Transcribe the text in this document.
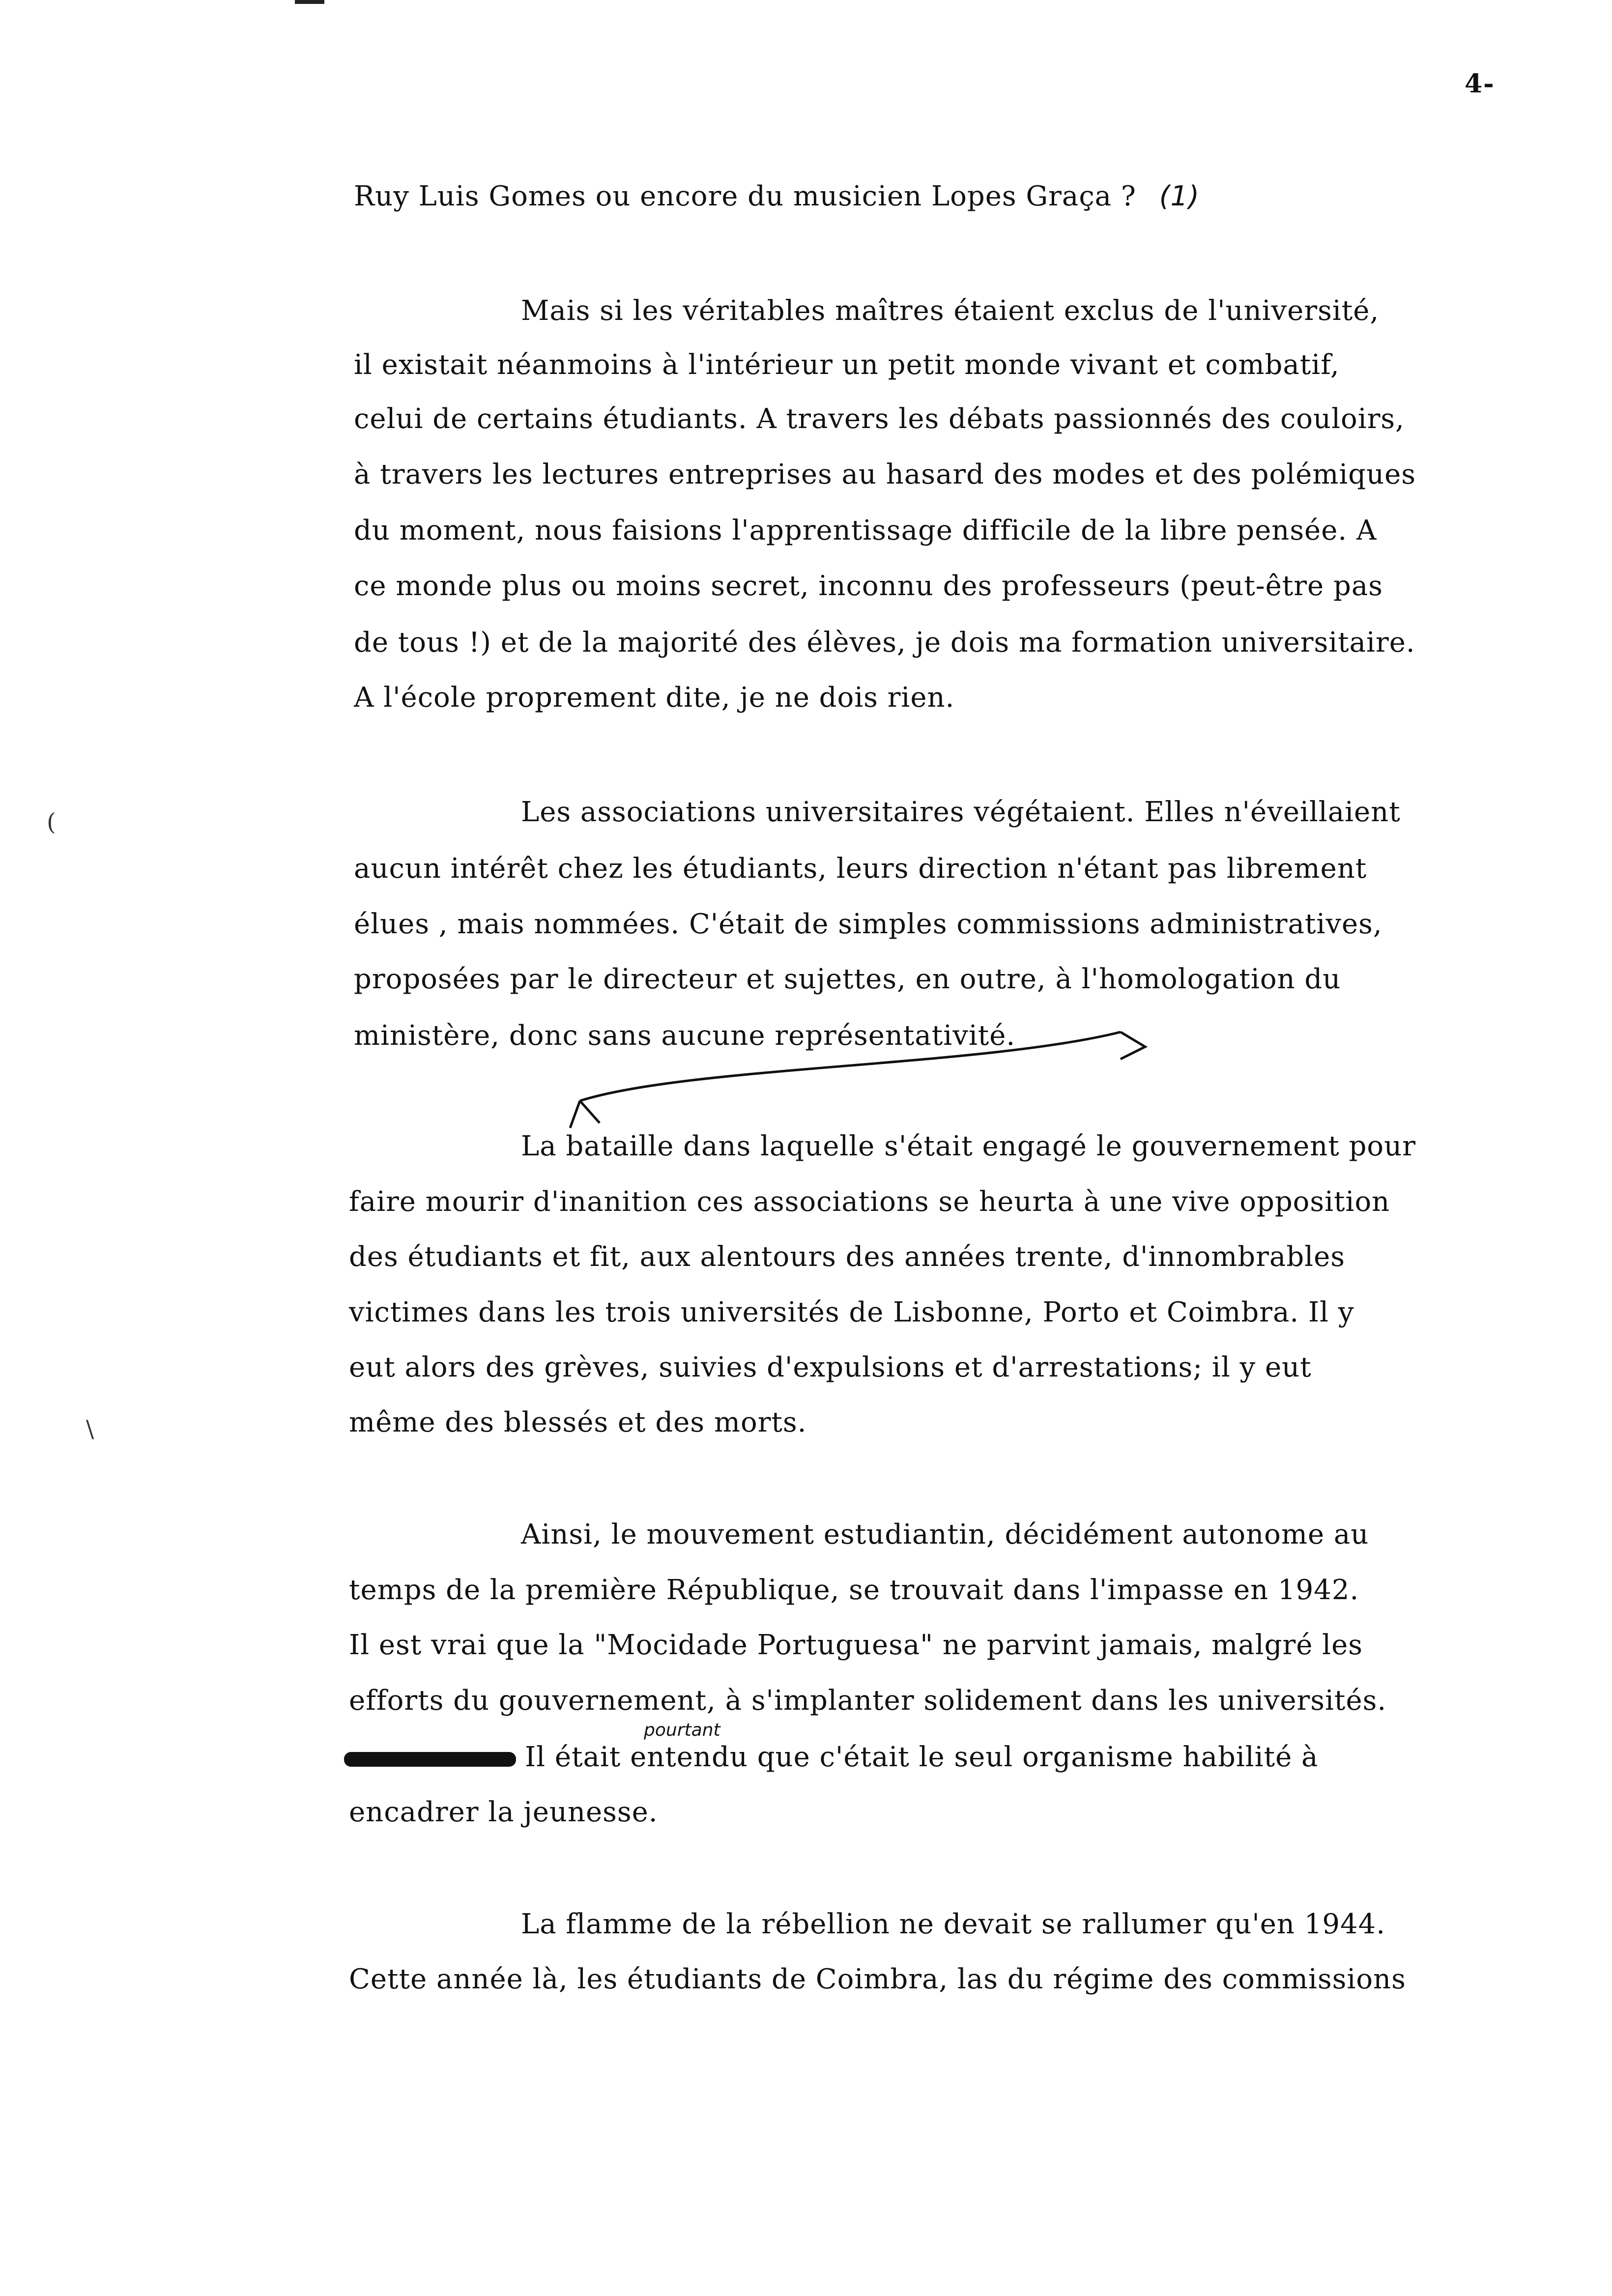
4-
Ruy Luis Gomes ou encore du musicien Lopes Graça ? (1)
Mais si les véritables maîtres étaient exclus de l'université,
il existait néanmoins à l'intérieur un petit monde vivant et combatif,
celui de certains étudiants. A travers les débats passionnés des couloirs,
à travers les lectures entreprises au hasard des modes et des polémiques
du moment, nous faisions l'apprentissage difficile de la libre pensée. A
ce monde plus ou moins secret, inconnu des professeurs (peut-être pas
de tous !) et de la majorité des élèves, je dois ma formation universitaire.
A l'école proprement dite, je ne dois rien.
(	Les associations universitaires végétaient. Elles n'éveillaient
aucun intérêt chez les étudiants, leurs direction n'étant pas librement
élues , mais nommées. C'était de simples commissions administratives,
proposées par le directeur et sujettes, en outre, à l'homologation du
ministère, donc sans aucune représentativité.
La bataille dans laquelle s'était engagé le gouvernement pour
faire mourir d'inanition ces associations se heurta à une vive opposition
des étudiants et fit, aux alentours des années trente, d'innombrables
victimes dans les trois universités de Lisbonne, Porto et Coimbra. Il y
eut alors des grèves, suivies d'expulsions et d'arrestations; il y eut
même des blessés et des morts.
\
Ainsi, le mouvement estudiantin, décidément autonome au
temps de la première République, se trouvait dans l'impasse en 1942.
Il est vrai que la "Mocidade Portuguesa" ne parvint jamais, malgré les
efforts du gouvernement, à s'implanter solidement dans les universités.
pourtant
Il était entendu que c'était le seul organisme habilité à
encadrer la jeunesse.
La flamme de la rébellion ne devait se rallumer qu'en 1944.
Cette année là, les étudiants de Coimbra, las du régime des commissions
